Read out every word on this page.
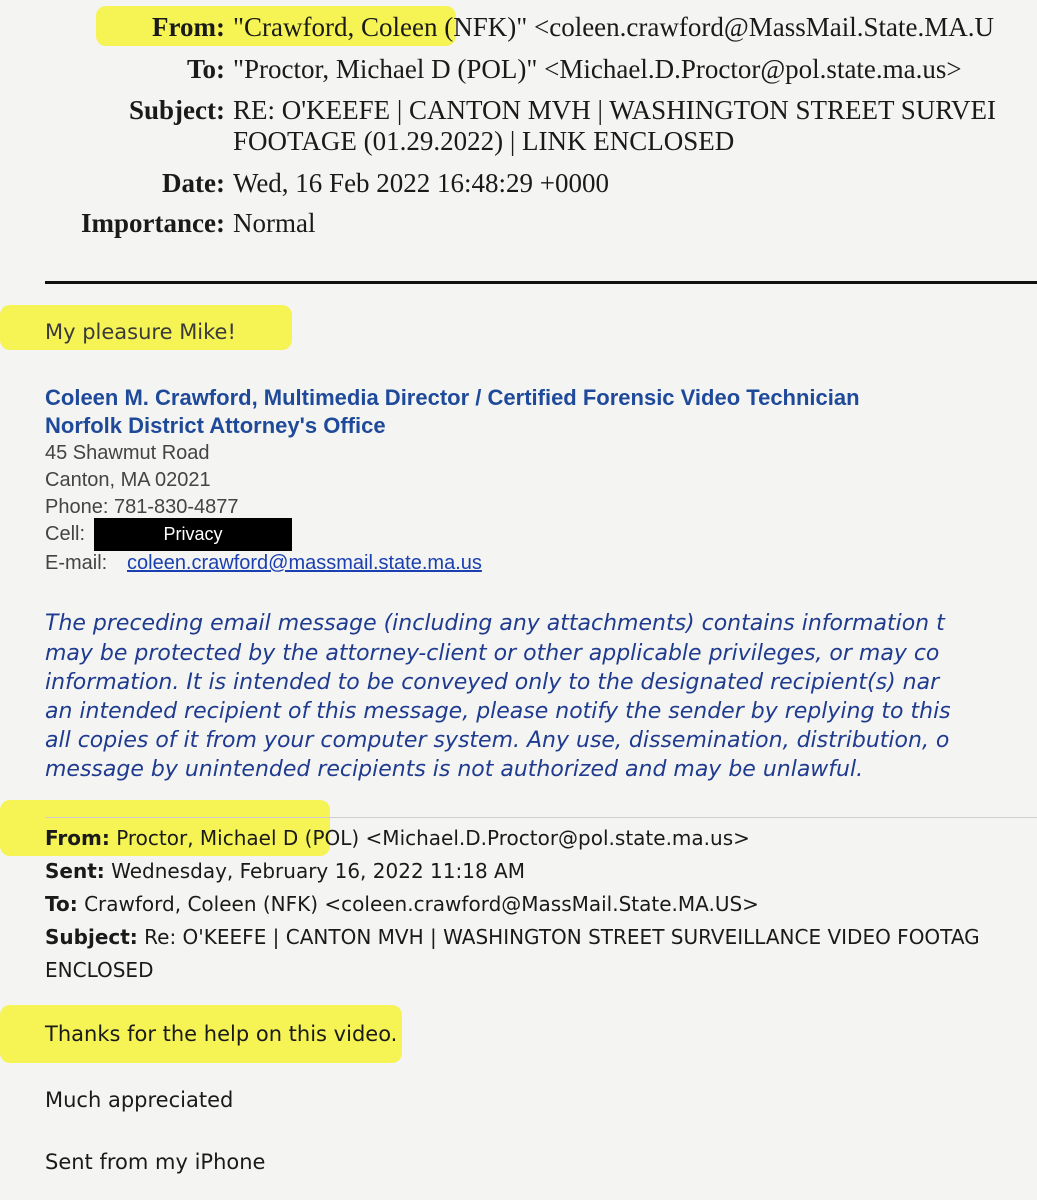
From: "Crawford, Coleen (NFK)" <coleen.crawford@MassMail.State.MA.U
To: "Proctor, Michael D (POL)" <Michael.D.Proctor@pol.state.ma.us>
Subject: RE: O'KEEFE | CANTON MVH | WASHINGTON STREET SURVEI
FOOTAGE (01.29.2022) | LINK ENCLOSED
Date: Wed, 16 Feb 2022 16:48:29 +0000
Importance: Normal
My pleasure Mike!
Coleen M. Crawford, Multimedia Director / Certified Forensic Video Technician
Norfolk District Attorney's Office
45 Shawmut Road
Canton, MA 02021
Phone: 781-830-4877
Cell:	Privacy
E-mail: coleen.crawford@massmail.state.ma.us
The preceding email message (including any attachments) contains information t
may be protected by the attorney-client or other applicable privileges, or may co
information. It is intended to be conveyed only to the designated recipient(s) nar
an intended recipient of this message, please notify the sender by replying to this
all copies of it from your computer system. Any use, dissemination, distribution, o
message by unintended recipients is not authorized and may be unlawful.
From: Proctor, Michael D (POL) <Michael.D.Proctor@pol.state.ma.us>
Sent: Wednesday, February 16, 2022 11:18 AM
To: Crawford, Coleen (NFK) <coleen.crawford@MassMail.State.MA.US>
Subject: Re: O'KEEFE | CANTON MVH | WASHINGTON STREET SURVEILLANCE VIDEO FOOTAG
ENCLOSED
Thanks for the help on this video.
Much appreciated
Sent from my iPhone
